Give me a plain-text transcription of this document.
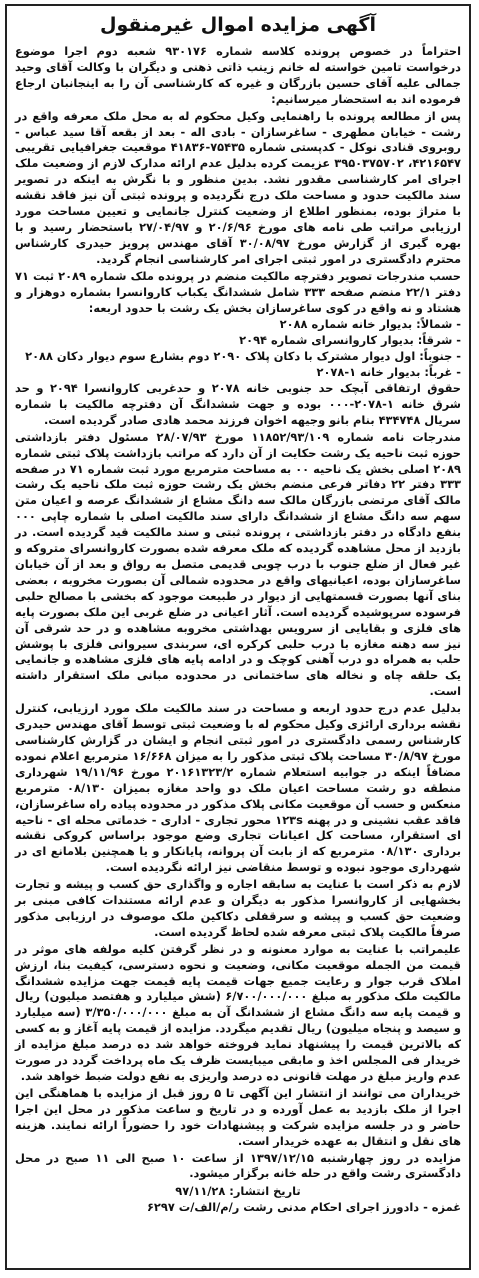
آگهی مزایده اموال غیرمنقول

احتراماً در خصوص پرونده کلاسه شماره ۹۳۰۱۷۶ شعبه دوم اجرا موضوع درخواست تامین خواسته له خانم زینب ذاتی ذهنی و دیگران با وکالت آقای وحید جمالی علیه آقای حسین بازرگان و غیره که کارشناسی آن را به اینجانبان ارجاع فرموده اند به استحضار میرسانیم:

پس از مطالعه پرونده با راهنمایی وکیل محکوم له به محل ملک معرفه واقع در رشت - خیابان مطهری - ساغرسازان - بادی اله - بعد از بقعه آقا سید عباس - روبروی قنادی نوکل - کدپستی شماره ۷۵۴۳۵-۴۱۸۳۶ موقعیت جغرافیایی تقریبی ۴۲۱۶۵۴۷، ۳۹۵۰۳۷۵۷۰۲ عزیمت کرده بدلیل عدم ارائه مدارک لازم از وضعیت ملک اجرای امر کارشناسی مقدور نشد. بدین منظور و با نگرش به اینکه در تصویر سند مالکیت حدود و مساحت ملک درج نگردیده و پرونده ثبتی آن نیز فاقد نقشه با متراژ بوده، بمنظور اطلاع از وضعیت کنترل جانمایی و تعیین مساحت مورد ارزیابی مراتب طی نامه های مورخ ۲۰/۶/۹۶ و ۲۷/۰۴/۹۷ باستحضار رسید و با بهره گیری از گزارش مورخ ۳۰/۰۸/۹۷ آقای مهندس پرویز حیدری کارشناس محترم دادگستری در امور ثبتی اجرای امر کارشناسی انجام گردید.

حسب مندرجات تصویر دفترچه مالکیت منضم در پرونده ملک شماره ۲۰۸۹ ثبت ۷۱ دفتر ۲۲/۱ منضم صفحه ۳۳۳ شامل ششدانگ یکباب کاروانسرا بشماره دوهزار و هشتاد و نه واقع در کوی ساغرسازان بخش یک رشت با حدود اربعه:

- شمالاً: بدیوار خانه شماره ۲۰۸۸

- شرقاً: بدیوار کاروانسرای شماره ۲۰۹۴

- جنوباً: اول دیوار مشترک با دکان پلاک ۲۰۹۰ دوم بشارع سوم دیوار دکان ۲۰۸۸

- غرباً: بدیوار خانه ۱-۲۰۷۸

حقوق ارتفاقی آبچک حد جنوبی خانه ۲۰۷۸ و حدغربی کاروانسرا ۲۰۹۴ و حد شرق خانه ۱-۲۰۷۸-۰۰۰ بوده و جهت ششدانگ آن دفترچه مالکیت با شماره سریال ۴۳۴۷۴۸ بنام بانو وجیهه اخوان فرزند محمد هادی صادر گردیده است.

مندرجات نامه شماره ۱۱۸۵۲/۹۳/۱۰۹ مورخ ۲۸/۰۷/۹۳ مسئول دفتر بازداشتی حوزه ثبت ناحیه یک رشت حکایت از آن دارد که مراتب بازداشت پلاک ثبتی شماره ۲۰۸۹ اصلی بخش یک ناحیه ۰۰ به مساحت مترمربع مورد ثبت شماره ۷۱ در صفحه ۳۳۳ دفتر ۲۲ دفاتر فرعی منضم بخش یک رشت حوزه ثبت ملک ناحیه یک رشت مالک آقای مرتضی بازرگان مالک سه دانگ مشاع از ششدانگ عرصه و اعیان متن سهم سه دانگ مشاع از ششدانگ دارای سند مالکیت اصلی با شماره چاپی ۰۰۰ بنفع دادگاه در دفتر بازداشتی ، پرونده ثبتی و سند مالکیت قید گردیده است. در بازدید از محل مشاهده گردیده که ملک معرفه شده بصورت کاروانسرای متروکه و غیر فعال از ضلع جنوب با درب چوبی قدیمی متصل به رواق و بعد از آن خیابان ساغرسازان بوده، اعیانیهای واقع در محدوده شمالی آن بصورت مخروبه ، بعضی بنای آنها بصورت قسمتهایی از دیوار در طبیعت موجود که بخشی با مصالح حلبی فرسوده سرپوشیده گردیده است. آثار اعیانی در ضلع غربی این ملک بصورت پایه های فلزی و بقایایی از سرویس بهداشتی مخروبه مشاهده و در حد شرقی آن نیز سه دهنه مغازه با درب حلبی کرکره ای، سربندی سیروانی فلزی با پوشش حلب به همراه دو درب آهنی کوچک و در ادامه پایه های فلزی مشاهده و جانمایی یک حلقه چاه و نخاله های ساختمانی در محدوده مبانی ملک استقرار داشته است.

بدلیل عدم درج حدود اربعه و مساحت در سند مالکیت ملک مورد ارزیابی، کنترل نقشه برداری ارائزی وکیل محکوم له با وضعیت ثبتی توسط آقای مهندس حیدری کارشناس رسمی دادگستری در امور ثبتی انجام و ایشان در گزارش کارشناسی مورخ ۳۰/۸/۹۷ مساحت پلاک ثبتی مذکور را به میزان ۱۶/۶۶۸ مترمربع اعلام نموده مضافاً اینکه در جوابیه استعلام شماره ۲۰۱۶۱۳۲۳/۲ مورخ ۱۹/۱۱/۹۶ شهرداری منطقه دو رشت مساحت اعیان ملک دو واحد مغازه بمیزان ۰۸/۱۳۰ مترمربع منعکس و حسب آن موقعیت مکانی پلاک مذکور در محدوده پیاده راه ساغرسازان، فاقد عقب نشینی و در پهنه ۱۲۳s محور تجاری - اداری - خدماتی محله ای - ناحیه ای استقرار، مساحت کل اعیانات تجاری وضع موجود براساس کروکی نقشه برداری ۰۸/۱۳۰ مترمربع که از بابت آن پروانه، پایانکار و یا همچنین بلامانع ای در شهرداری موجود نبوده و توسط منقاضی نیز ارائه نگردیده است.

لازم به ذکر است با عنایت به سابقه اجاره و واگذاری حق کسب و پیشه و تجارت بخشهایی از کاروانسرا مذکور به دیگران و عدم ارائه مستندات کافی مبنی بر وضعیت حق کسب و پیشه و سرقفلی دکاکین ملک موصوف در ارزیابی مذکور صرفاً مالکیت پلاک ثبتی معرفه شده لحاظ گردیده است.

علیمراتب با عنایت به موارد معنونه و در نظر گرفتن کلیه مولفه های موثر در قیمت من الجمله موقعیت مکانی، وضعیت و نحوه دسترسی، کیفیت بنا، ارزش املاک قرب جوار و رعایت جمیع جهات قیمت پایه قیمت جهت مزایده ششدانگ مالکیت ملک مذکور به مبلغ ۶/۷۰۰/۰۰۰/۰۰۰ (شش میلیارد و هفتصد میلیون) ریال و قیمت پایه سه دانگ مشاع از ششدانگ آن به مبلغ ۳/۳۵۰/۰۰۰/۰۰۰ (سه میلیارد و سیصد و پنجاه میلیون) ریال تقدیم میگردد. مزایده از قیمت پایه آغاز و به کسی که بالاترین قیمت را پیشنهاد نماید فروخته خواهد شد ده درصد مبلغ مزایده از خریدار فی المجلس اخذ و مابقی میبایست ظرف یک ماه پرداخت گردد در صورت عدم واریز مبلغ در مهلت قانونی ده درصد واریزی به نفع دولت ضبط خواهد شد.

خریداران می توانند از انتشار این آگهی تا ۵ روز قبل از مزایده با هماهنگی این اجرا از ملک بازدید به عمل آورده و در تاریخ و ساعت مذکور در محل این اجرا حاضر و در جلسه مزایده شرکت و پیشنهادات خود را حضوراً ارائه نمایند. هزینه های نقل و انتقال به عهده خریدار است.

مزایده در روز چهارشنبه ۱۳۹۷/۱۲/۱۵ از ساعت ۱۰ صبح الی ۱۱ صبح در محل دادگستری رشت واقع در حله خانه برگزار میشود.

تاریخ انتشار: ۹۷/۱۱/۲۸
غمزه - دادورز اجرای احکام مدنی رشت ر/م/الف/ت ۶۲۹۷
